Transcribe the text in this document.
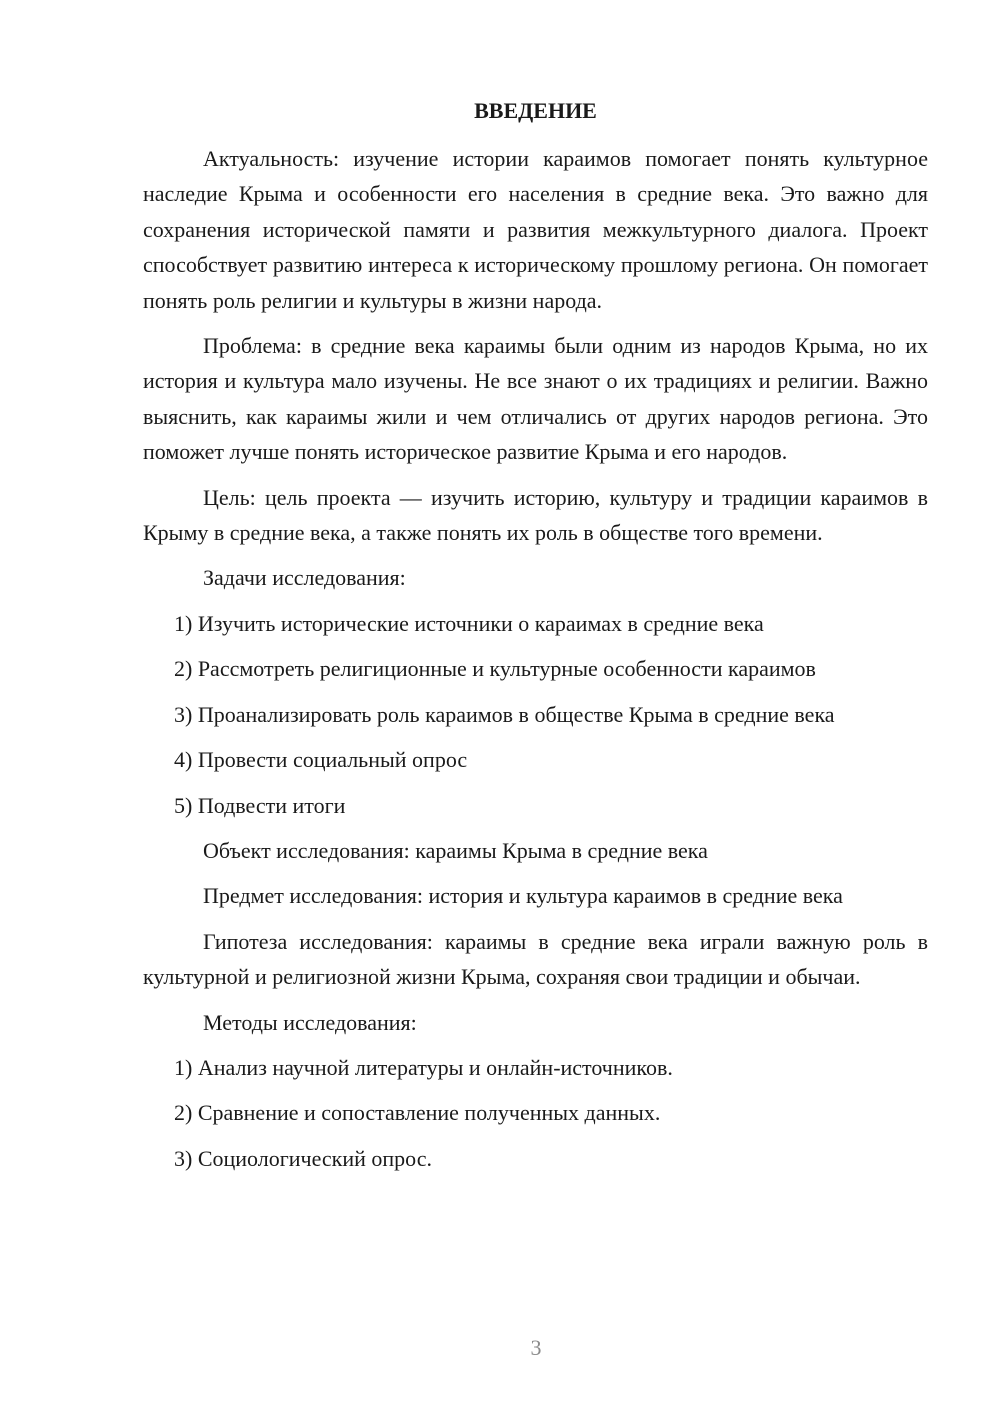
ВВЕДЕНИЕ

Актуальность: изучение истории караимов помогает понять культурное наследие Крыма и особенности его населения в средние века. Это важно для сохранения исторической памяти и развития межкультурного диалога. Проект способствует развитию интереса к историческому прошлому региона. Он помогает понять роль религии и культуры в жизни народа.

Проблема: в средние века караимы были одним из народов Крыма, но их история и культура мало изучены. Не все знают о их традициях и религии. Важно выяснить, как караимы жили и чем отличались от других народов региона. Это поможет лучше понять историческое развитие Крыма и его народов.

Цель: цель проекта — изучить историю, культуру и традиции караимов в Крыму в средние века, а также понять их роль в обществе того времени.

Задачи исследования:
1) Изучить исторические источники о караимах в средние века
2) Рассмотреть религиционные и культурные особенности караимов
3) Проанализировать роль караимов в обществе Крыма в средние века
4) Провести социальный опрос
5) Подвести итоги
Объект исследования: караимы Крыма в средние века
Предмет исследования: история и культура караимов в средние века

Гипотеза исследования: караимы в средние века играли важную роль в культурной и религиозной жизни Крыма, сохраняя свои традиции и обычаи.

Методы исследования:
1) Анализ научной литературы и онлайн-источников.
2) Сравнение и сопоставление полученных данных.
3) Социологический опрос.
3
